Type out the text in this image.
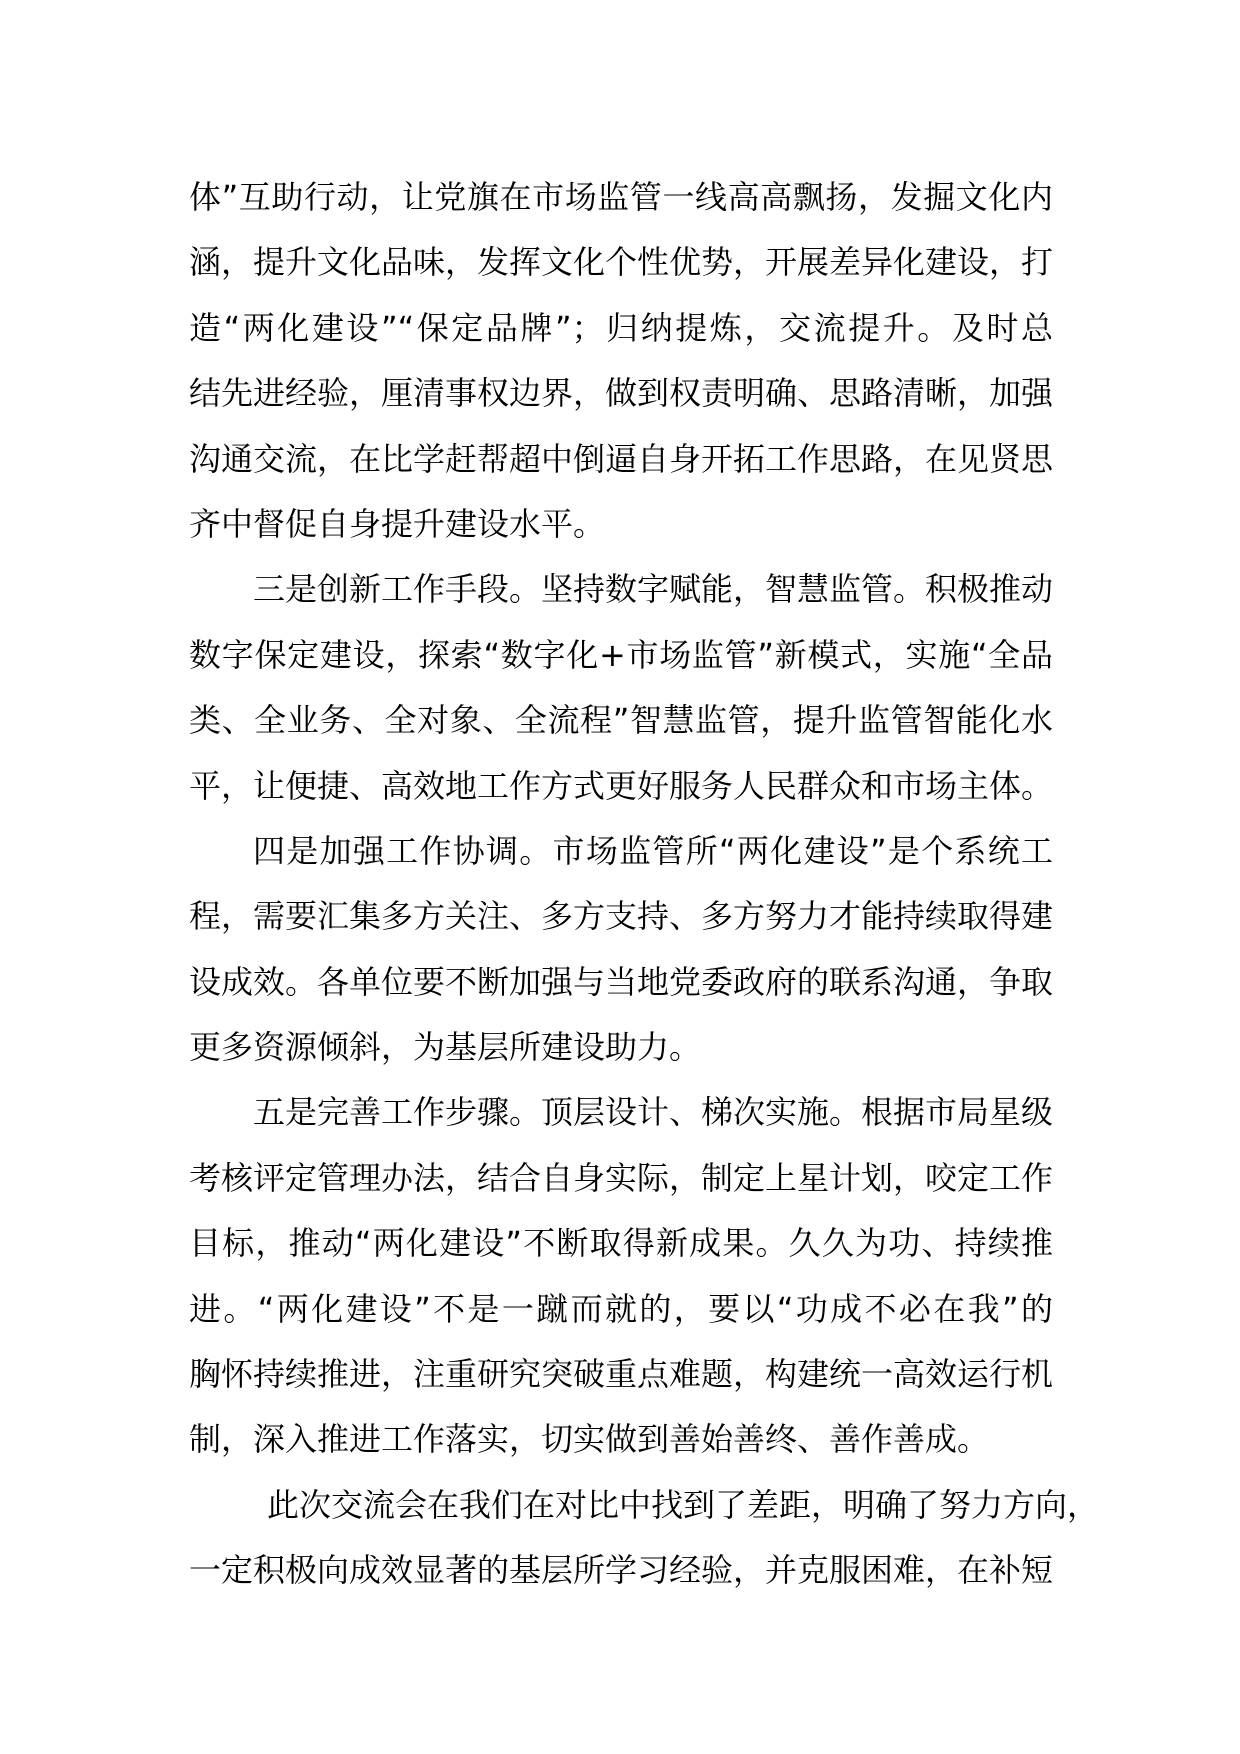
体”互助行动，让党旗在市场监管一线高高飘扬，发掘文化内
涵，提升文化品味，发挥文化个性优势，开展差异化建设，打
造“两化建设”“保定品牌”；归纳提炼，交流提升。及时总
结先进经验，厘清事权边界，做到权责明确、思路清晰，加强
沟通交流，在比学赶帮超中倒逼自身开拓工作思路，在见贤思
齐中督促自身提升建设水平。
三是创新工作手段。坚持数字赋能，智慧监管。积极推动
数字保定建设，探索“数字化+市场监管”新模式，实施“全品
类、全业务、全对象、全流程”智慧监管，提升监管智能化水
平，让便捷、高效地工作方式更好服务人民群众和市场主体。
四是加强工作协调。市场监管所“两化建设”是个系统工
程，需要汇集多方关注、多方支持、多方努力才能持续取得建
设成效。各单位要不断加强与当地党委政府的联系沟通，争取
更多资源倾斜，为基层所建设助力。
五是完善工作步骤。顶层设计、梯次实施。根据市局星级
考核评定管理办法，结合自身实际，制定上星计划，咬定工作
目标，推动“两化建设”不断取得新成果。久久为功、持续推
进。“两化建设”不是一蹴而就的，要以“功成不必在我”的
胸怀持续推进，注重研究突破重点难题，构建统一高效运行机
制，深入推进工作落实，切实做到善始善终、善作善成。
此次交流会在我们在对比中找到了差距，明确了努力方向，
一定积极向成效显著的基层所学习经验，并克服困难，在补短
